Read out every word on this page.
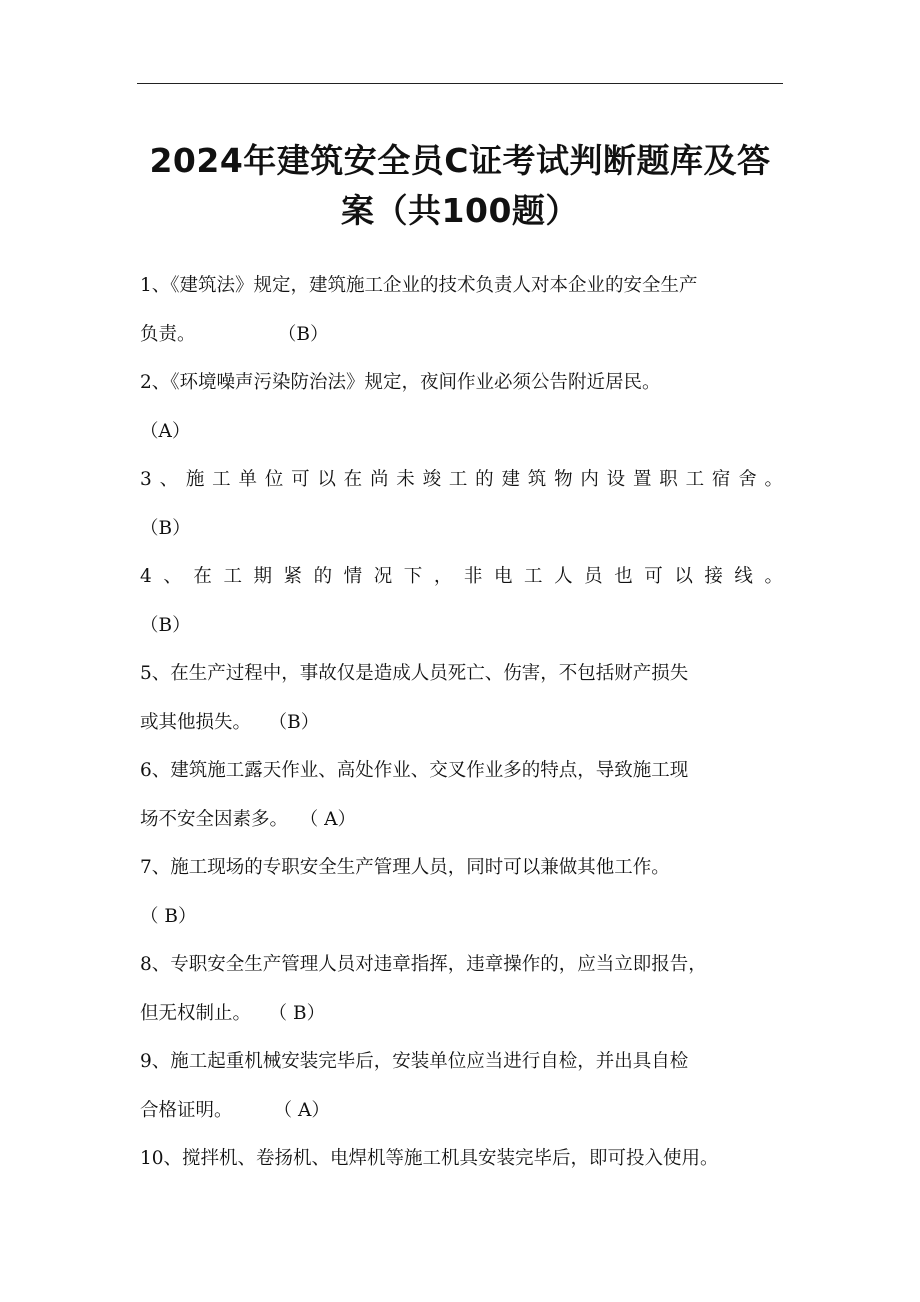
2024年建筑安全员C证考试判断题库及答
案（共100题）
1、《建筑法》规定，建筑施工企业的技术负责人对本企业的安全生产
负责。              （B）
2、《环境噪声污染防治法》规定，夜间作业必须公告附近居民。
（A）
3、施工单位可以在尚未竣工的建筑物内设置职工宿舍。
（B）
4、在工期紧的情况下，非电工人员也可以接线。
（B）
5、在生产过程中，事故仅是造成人员死亡、伤害，不包括财产损失
或其他损失。   （B）
6、建筑施工露天作业、高处作业、交叉作业多的特点，导致施工现
场不安全因素多。  （ A）
7、施工现场的专职安全生产管理人员，同时可以兼做其他工作。
（ B）
8、专职安全生产管理人员对违章指挥，违章操作的，应当立即报告，
但无权制止。   （ B）
9、施工起重机械安装完毕后，安装单位应当进行自检，并出具自检
合格证明。       （ A）
10、搅拌机、卷扬机、电焊机等施工机具安装完毕后，即可投入使用。
